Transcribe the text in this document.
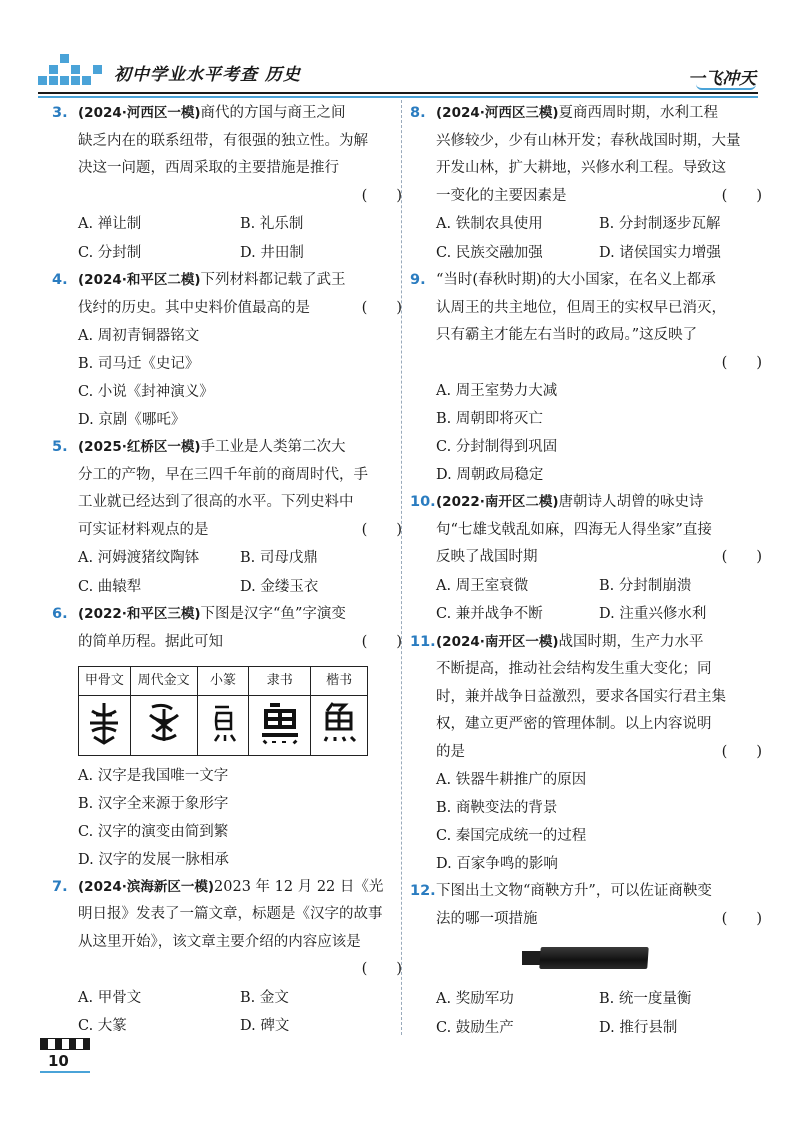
初中学业水平考查 历史	一飞冲天
3. (2024·河西区一模)商代的方国与商王之间
缺乏内在的联系纽带，有很强的独立性。为解
决这一问题，西周采取的主要措施是推行
(　　)
A. 禅让制	B. 礼乐制
C. 分封制	D. 井田制
4. (2024·和平区二模)下列材料都记载了武王
伐纣的历史。其中史料价值最高的是	(　　)
A. 周初青铜器铭文
B. 司马迁《史记》
C. 小说《封神演义》
D. 京剧《哪吒》
5. (2025·红桥区一模)手工业是人类第二次大
分工的产物，早在三四千年前的商周时代，手
工业就已经达到了很高的水平。下列史料中
可实证材料观点的是	(　　)
A. 河姆渡猪纹陶钵	B. 司母戊鼎
C. 曲辕犁	D. 金缕玉衣
6. (2022·和平区三模)下图是汉字“鱼”字演变
的简单历程。据此可知	(　　)
甲骨文	周代金文	小篆	隶书	楷书

A. 汉字是我国唯一文字
B. 汉字全来源于象形字
C. 汉字的演变由简到繁
D. 汉字的发展一脉相承
7. (2024·滨海新区一模)2023 年 12 月 22 日《光
明日报》发表了一篇文章，标题是《汉字的故事
从这里开始》，该文章主要介绍的内容应该是
(　　)
A. 甲骨文	B. 金文
C. 大篆	D. 碑文
8. (2024·河西区三模)夏商西周时期，水利工程
兴修较少，少有山林开发；春秋战国时期，大量
开发山林，扩大耕地，兴修水利工程。导致这
一变化的主要因素是	(　　)
A. 铁制农具使用	B. 分封制逐步瓦解
C. 民族交融加强	D. 诸侯国实力增强
9. “当时(春秋时期)的大小国家，在名义上都承
认周王的共主地位，但周王的实权早已消灭，
只有霸主才能左右当时的政局。”这反映了
(　　)
A. 周王室势力大减
B. 周朝即将灭亡
C. 分封制得到巩固
D. 周朝政局稳定
10. (2022·南开区二模)唐朝诗人胡曾的咏史诗
句“七雄戈戟乱如麻，四海无人得坐家”直接
反映了战国时期	(　　)
A. 周王室衰微	B. 分封制崩溃
C. 兼并战争不断	D. 注重兴修水利
11. (2024·南开区一模)战国时期，生产力水平
不断提高，推动社会结构发生重大变化；同
时，兼并战争日益激烈，要求各国实行君主集
权，建立更严密的管理体制。以上内容说明
的是	(　　)
A. 铁器牛耕推广的原因
B. 商鞅变法的背景
C. 秦国完成统一的过程
D. 百家争鸣的影响
12. 下图出土文物“商鞅方升”，可以佐证商鞅变
法的哪一项措施	(　　)
A. 奖励军功	B. 统一度量衡
C. 鼓励生产	D. 推行县制
10
